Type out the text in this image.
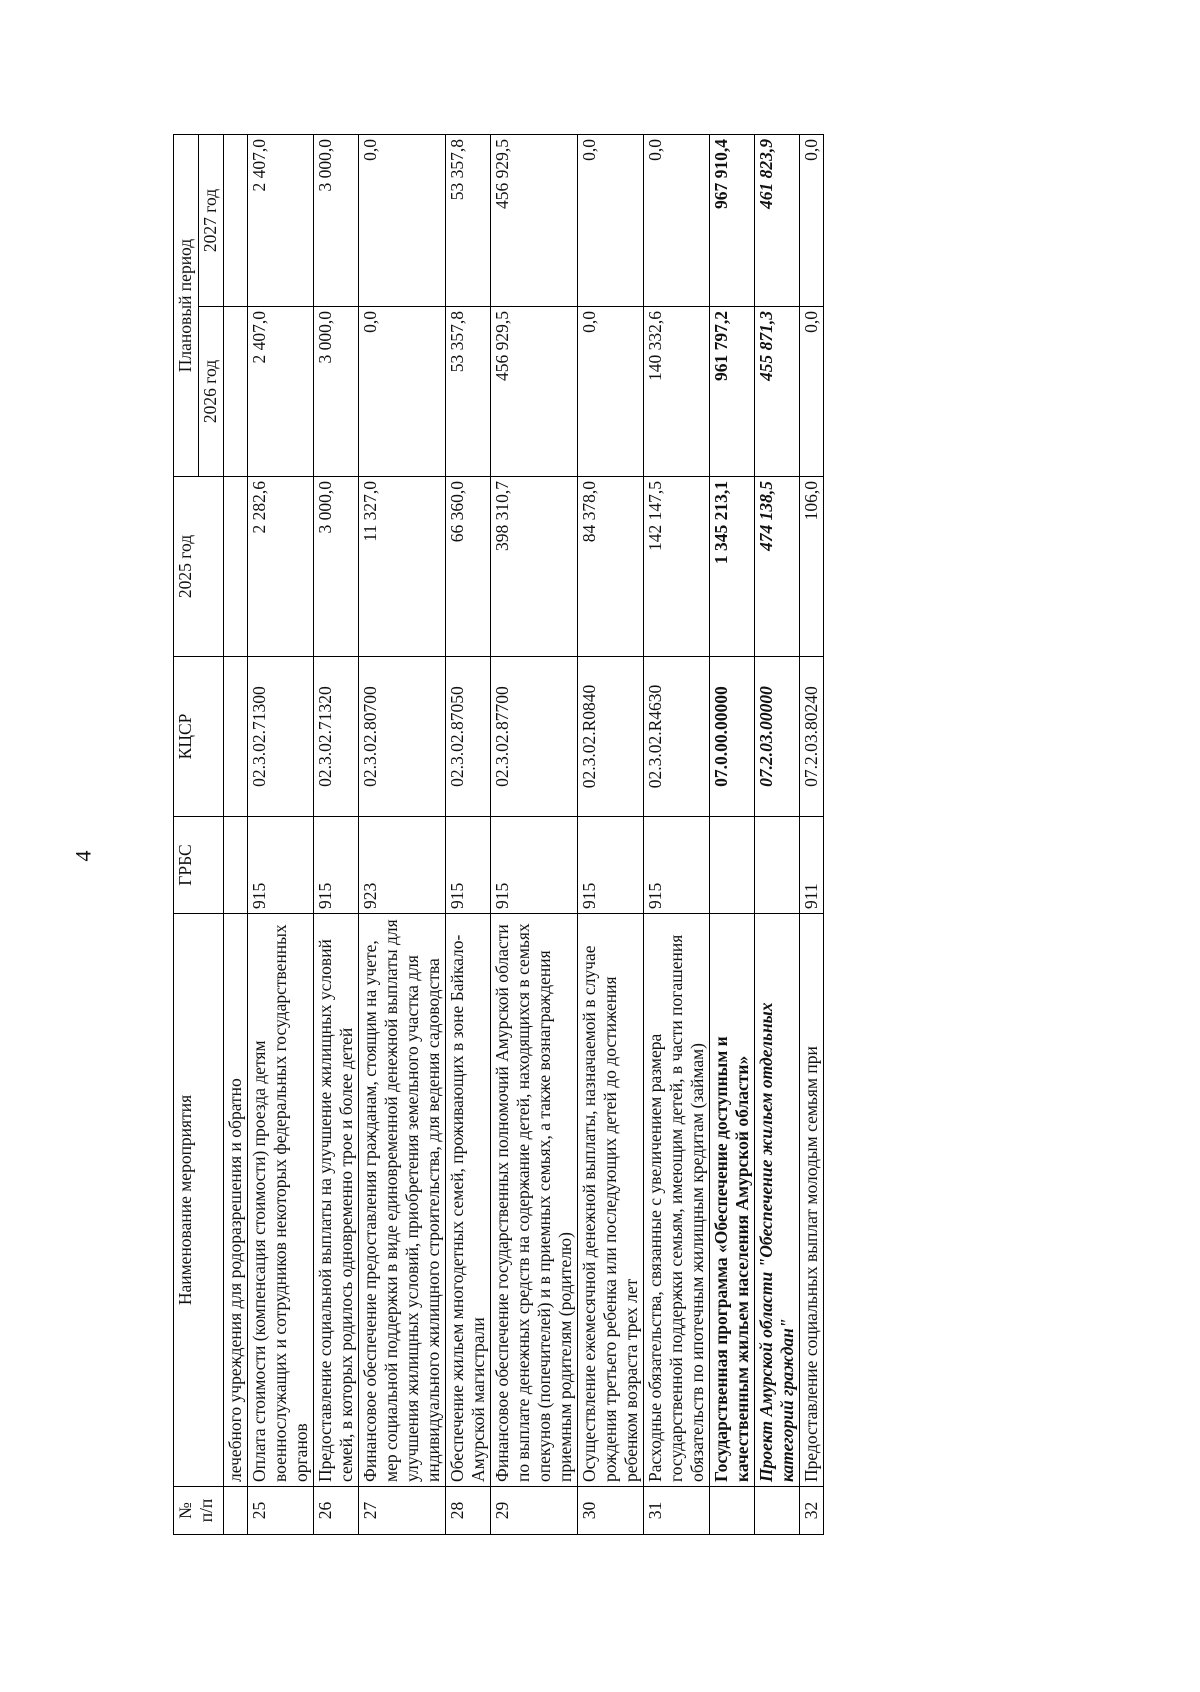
4
№
п/п	Наименование мероприятия	ГРБС	КЦСР	2025 год	Плановый период	
					2026 год	2027 год
	лечебного учреждения для родоразрешения и обратно					
25	Оплата стоимости (компенсация стоимости) проезда детям военнослужащих и сотрудников некоторых федеральных государственных органов	915	02.3.02.71300	2 282,6	2 407,0	2 407,0
26	Предоставление социальной выплаты на улучшение жилищных условий семей, в которых родилось одновременно трое и более детей	915	02.3.02.71320	3 000,0	3 000,0	3 000,0
27	Финансовое обеспечение предоставления гражданам, стоящим на учете, мер социальной поддержки в виде единовременной денежной выплаты для улучшения жилищных условий, приобретения земельного участка для индивидуального жилищного строительства, для ведения садоводства	923	02.3.02.80700	11 327,0	0,0	0,0
28	Обеспечение жильем многодетных семей, проживающих в зоне Байкало-Амурской магистрали	915	02.3.02.87050	66 360,0	53 357,8	53 357,8
29	Финансовое обеспечение государственных полномочий Амурской области по выплате денежных средств на содержание детей, находящихся в семьях опекунов (попечителей) и в приемных семьях, а также вознаграждения приемным родителям (родителю)	915	02.3.02.87700	398 310,7	456 929,5	456 929,5
30	Осуществление ежемесячной денежной выплаты, назначаемой в случае рождения третьего ребенка или последующих детей до достижения ребенком возраста трех лет	915	02.3.02.R0840	84 378,0	0,0	0,0
31	Расходные обязательства, связанные с увеличением размера государственной поддержки семьям, имеющим детей, в части погашения обязательств по ипотечным жилищным кредитам (займам)	915	02.3.02.R4630	142 147,5	140 332,6	0,0
	Государственная программа «Обеспечение доступным и качественным жильем населения Амурской области»		07.0.00.00000	1 345 213,1	961 797,2	967 910,4
	Проект Амурской области "Обеспечение жильем отдельных категорий граждан"		07.2.03.00000	474 138,5	455 871,3	461 823,9
32	Предоставление социальных выплат молодым семьям при	911	07.2.03.80240	106,0	0,0	0,0
